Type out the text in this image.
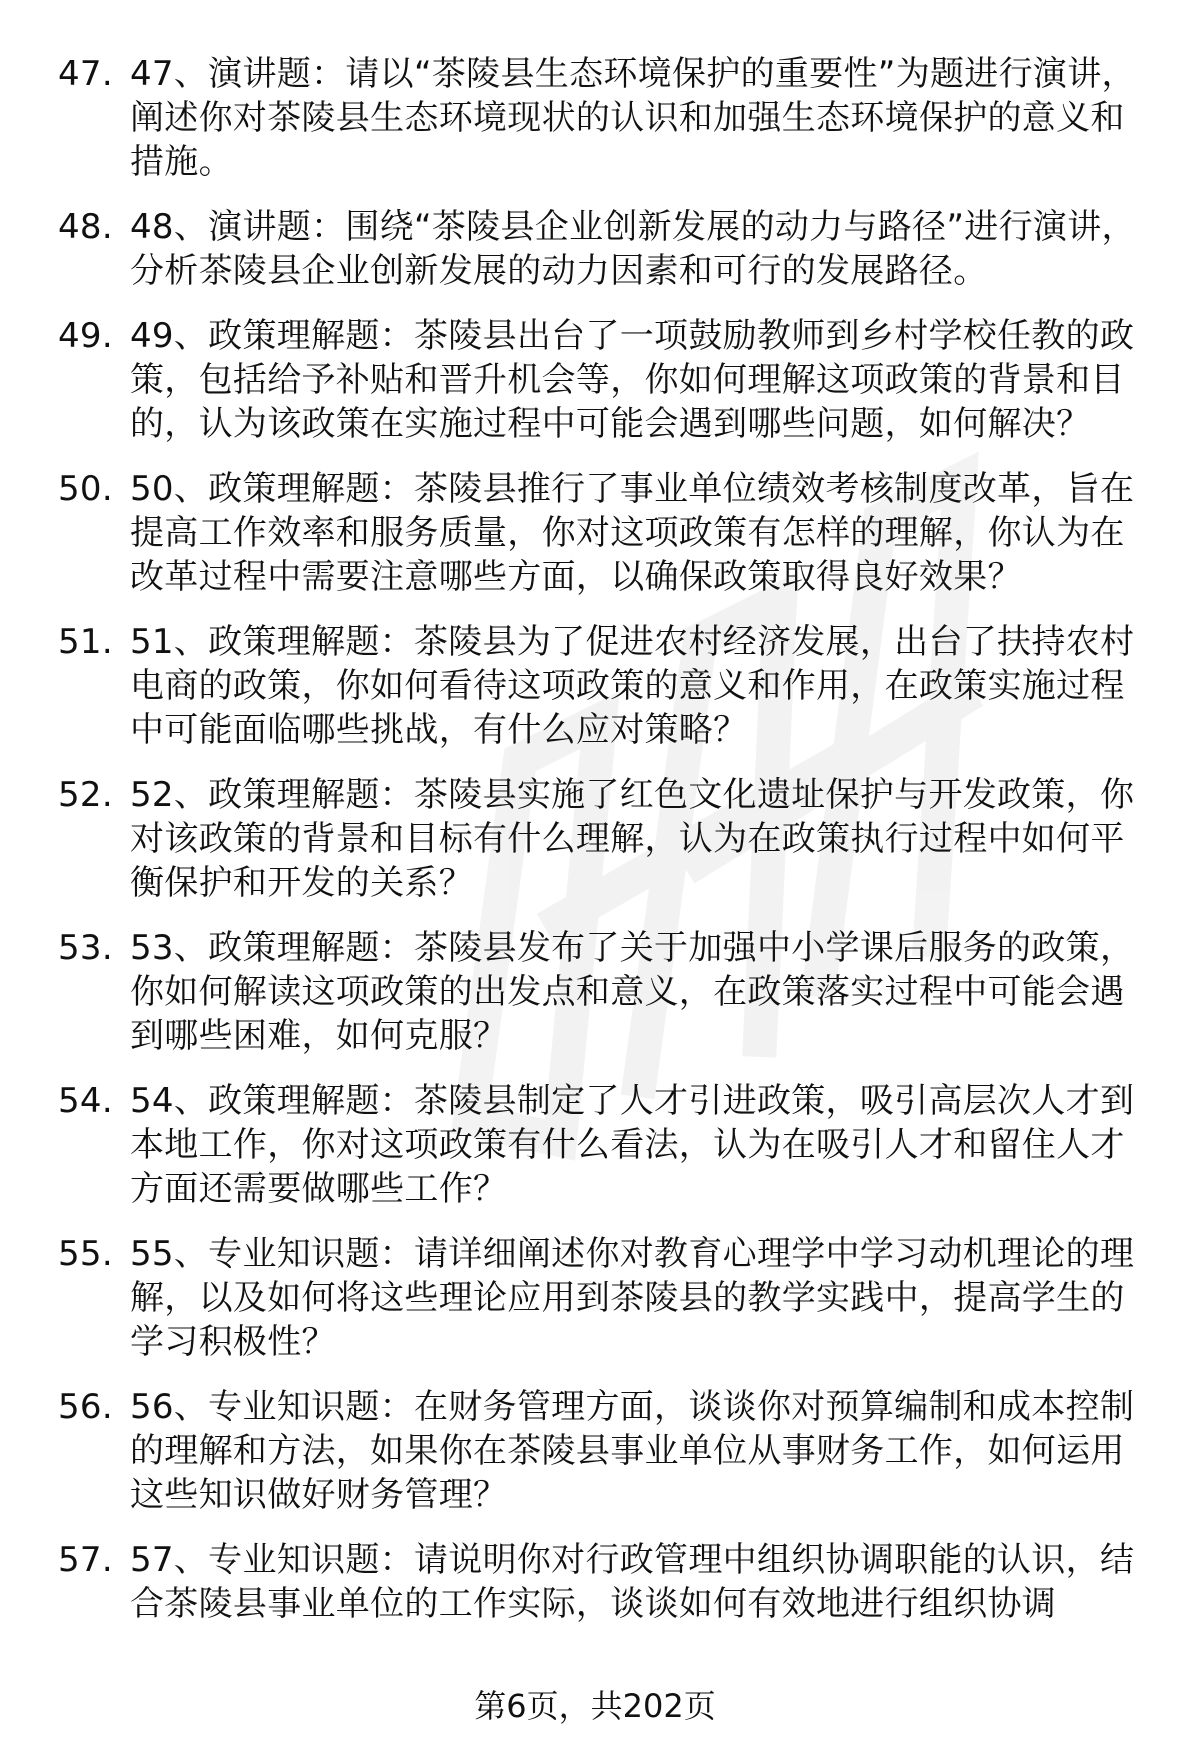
47. 47、演讲题：请以“茶陵县生态环境保护的重要性”为题进行演讲，阐述你对茶陵县生态环境现状的认识和加强生态环境保护的意义和措施。
48. 48、演讲题：围绕“茶陵县企业创新发展的动力与路径”进行演讲，分析茶陵县企业创新发展的动力因素和可行的发展路径。
49. 49、政策理解题：茶陵县出台了一项鼓励教师到乡村学校任教的政策，包括给予补贴和晋升机会等，你如何理解这项政策的背景和目的，认为该政策在实施过程中可能会遇到哪些问题，如何解决？
50. 50、政策理解题：茶陵县推行了事业单位绩效考核制度改革，旨在提高工作效率和服务质量，你对这项政策有怎样的理解，你认为在改革过程中需要注意哪些方面，以确保政策取得良好效果？
51. 51、政策理解题：茶陵县为了促进农村经济发展，出台了扶持农村电商的政策，你如何看待这项政策的意义和作用，在政策实施过程中可能面临哪些挑战，有什么应对策略？
52. 52、政策理解题：茶陵县实施了红色文化遗址保护与开发政策，你对该政策的背景和目标有什么理解，认为在政策执行过程中如何平衡保护和开发的关系？
53. 53、政策理解题：茶陵县发布了关于加强中小学课后服务的政策，你如何解读这项政策的出发点和意义，在政策落实过程中可能会遇到哪些困难，如何克服？
54. 54、政策理解题：茶陵县制定了人才引进政策，吸引高层次人才到本地工作，你对这项政策有什么看法，认为在吸引人才和留住人才方面还需要做哪些工作？
55. 55、专业知识题：请详细阐述你对教育心理学中学习动机理论的理解，以及如何将这些理论应用到茶陵县的教学实践中，提高学生的学习积极性？
56. 56、专业知识题：在财务管理方面，谈谈你对预算编制和成本控制的理解和方法，如果你在茶陵县事业单位从事财务工作，如何运用这些知识做好财务管理？
57. 57、专业知识题：请说明你对行政管理中组织协调职能的认识，结合茶陵县事业单位的工作实际，谈谈如何有效地进行组织协调
第6页，共202页
